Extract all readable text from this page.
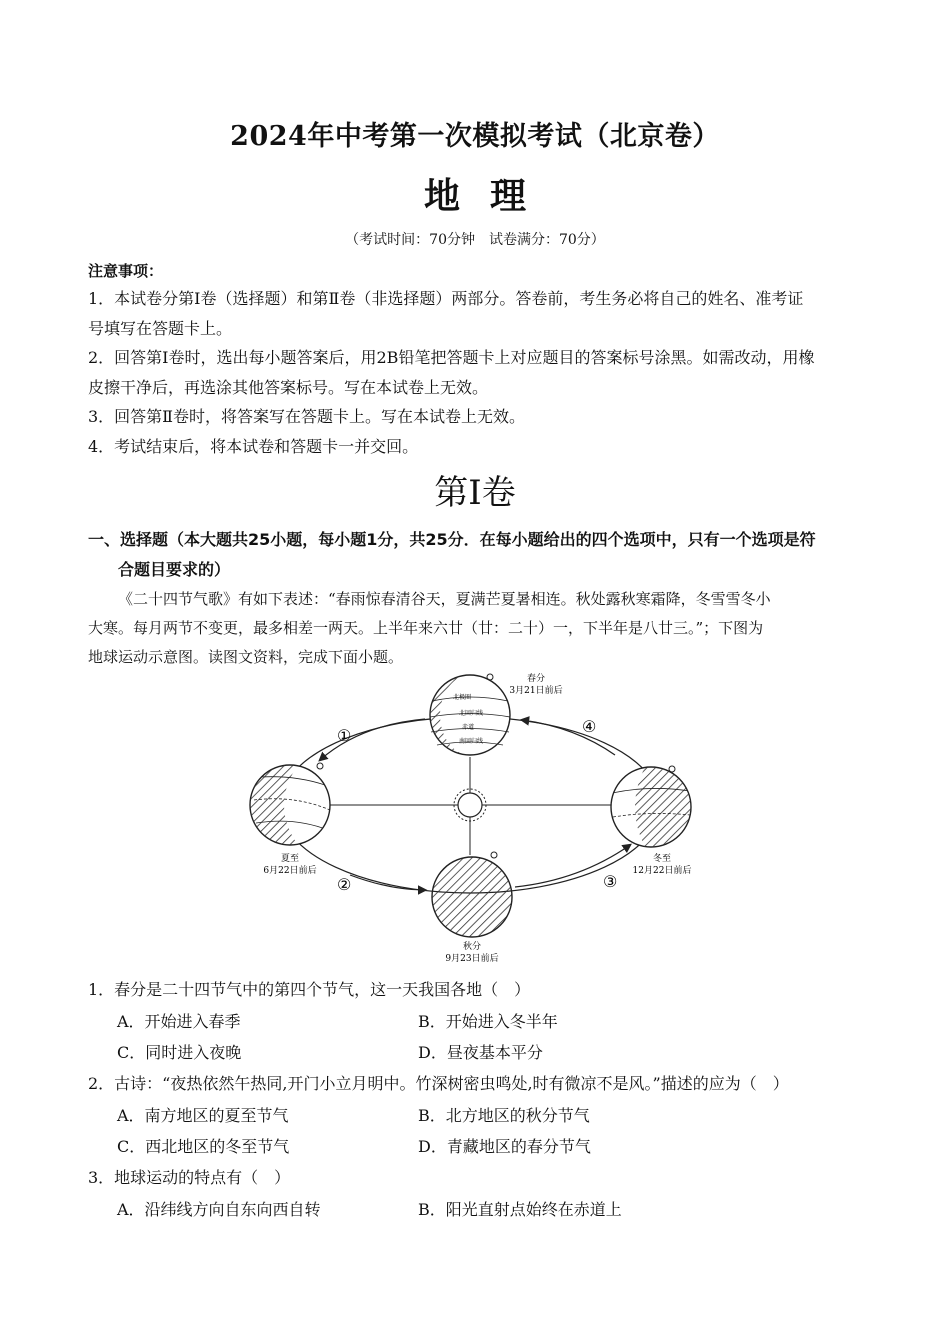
2024年中考第一次模拟考试（北京卷）
地理
（考试时间：70分钟　试卷满分：70分）
注意事项：
1．本试卷分第Ⅰ卷（选择题）和第Ⅱ卷（非选择题）两部分。答卷前，考生务必将自己的姓名、准考证
号填写在答题卡上。
2．回答第Ⅰ卷时，选出每小题答案后，用2B铅笔把答题卡上对应题目的答案标号涂黑。如需改动，用橡
皮擦干净后，再选涂其他答案标号。写在本试卷上无效。
3．回答第Ⅱ卷时，将答案写在答题卡上。写在本试卷上无效。
4．考试结束后，将本试卷和答题卡一并交回。
第Ⅰ卷
一、选择题（本大题共25小题，每小题1分，共25分．在每小题给出的四个选项中，只有一个选项是符
合题目要求的）
《二十四节气歌》有如下表述：“春雨惊春清谷天，夏满芒夏暑相连。秋处露秋寒霜降，冬雪雪冬小
大寒。每月两节不变更，最多相差一两天。上半年来六廿（廿：二十）一，下半年是八廿三。”；下图为
地球运动示意图。读图文资料，完成下面小题。
北极圈
北回归线
赤道
南回归线
春分
3月21日前后
夏至
6月22日前后
秋分
9月23日前后
冬至
12月22日前后
①
②	③
④
1．春分是二十四节气中的第四个节气，这一天我国各地（　）
A．开始进入春季	B．开始进入冬半年
C．同时进入夜晚	D．昼夜基本平分
2．古诗：“夜热依然午热同,开门小立月明中。竹深树密虫鸣处,时有微凉不是风。”描述的应为（　）
A．南方地区的夏至节气	B．北方地区的秋分节气
C．西北地区的冬至节气	D．青藏地区的春分节气
3．地球运动的特点有（　）
A．沿纬线方向自东向西自转	B．阳光直射点始终在赤道上
